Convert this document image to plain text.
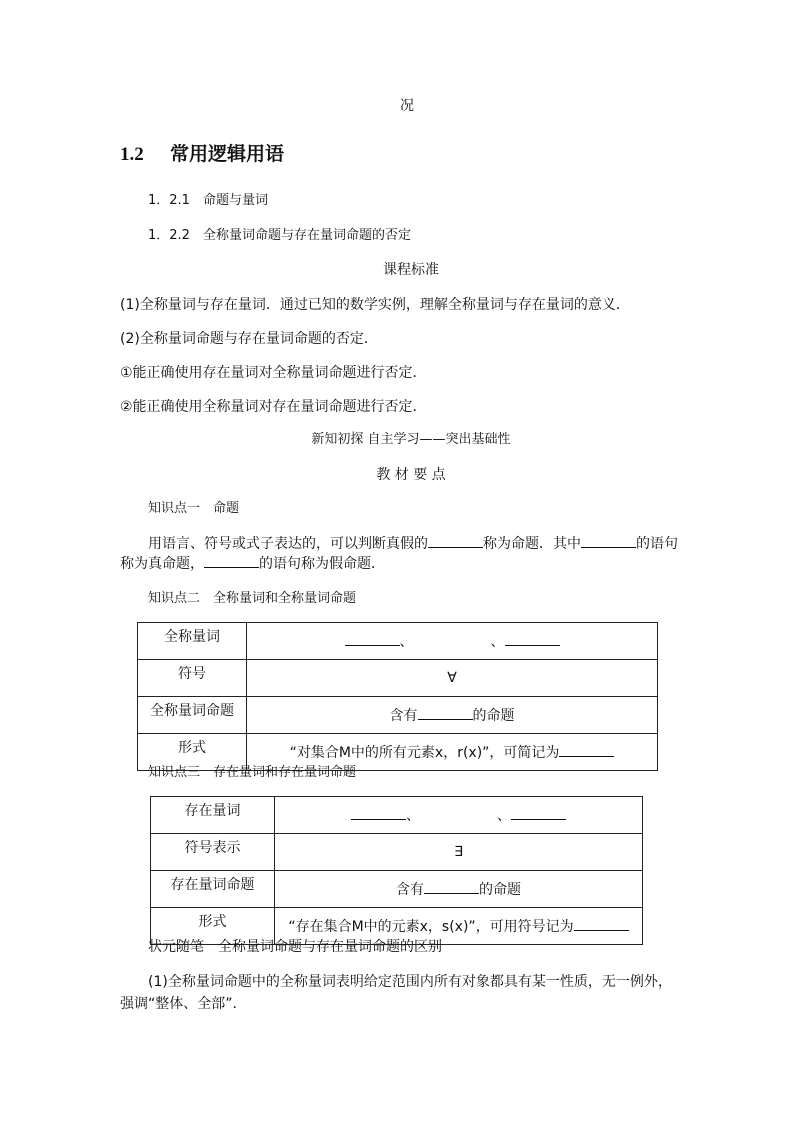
况
1.2 常用逻辑用语
1．2.1　命题与量词
1．2.2　全称量词命题与存在量词命题的否定
课程标准
(1)全称量词与存在量词．通过已知的数学实例，理解全称量词与存在量词的意义．
(2)全称量词命题与存在量词命题的否定．
①能正确使用存在量词对全称量词命题进行否定．
②能正确使用全称量词对存在量词命题进行否定．
新知初探 自主学习——突出基础性
教 材 要 点
知识点一　命题
用语言、符号或式子表达的，可以判断真假的	称为命题．其中	的语句
称为真命题，	的语句称为假命题．
知识点二　全称量词和全称量词命题
全称量词	、　　　　　　、
符号	∀
全称量词命题	含有 的命题
形式	“对集合M中的所有元素x，r(x)”，可简记为
知识点三　存在量词和存在量词命题
存在量词	、　　　　　　、
符号表示	∃
存在量词命题	含有 的命题
形式	“存在集合M中的元素x，s(x)”，可用符号记为
状元随笔　全称量词命题与存在量词命题的区别
(1)全称量词命题中的全称量词表明给定范围内所有对象都具有某一性质，无一例外，
强调“整体、全部”．
